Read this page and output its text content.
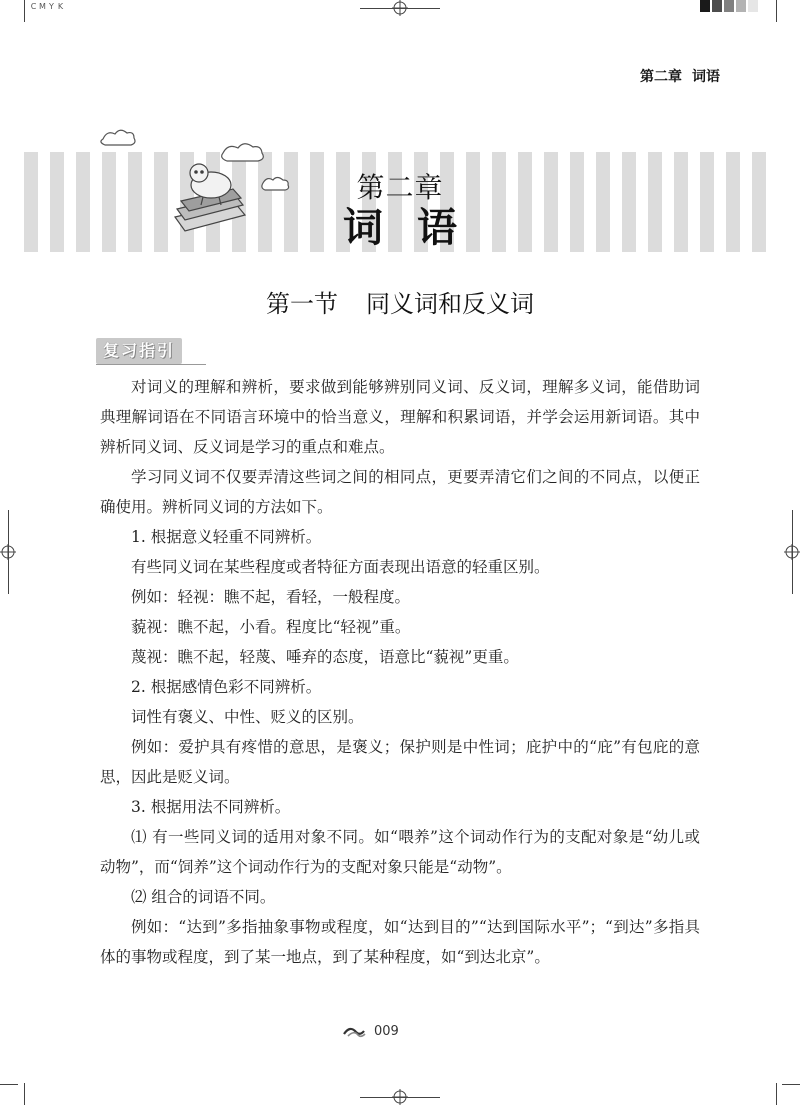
CMY K
第二章 词语
第二章
词语
第一节 同义词和反义词
复习指引

对词义的理解和辨析，要求做到能够辨别同义词、反义词，理解多义词，能借助词典理解词语在不同语言环境中的恰当意义，理解和积累词语，并学会运用新词语。其中辨析同义词、反义词是学习的重点和难点。

学习同义词不仅要弄清这些词之间的相同点，更要弄清它们之间的不同点，以便正确使用。辨析同义词的方法如下。

1. 根据意义轻重不同辨析。

有些同义词在某些程度或者特征方面表现出语意的轻重区别。

例如：轻视：瞧不起，看轻，一般程度。

藐视：瞧不起，小看。程度比“轻视”重。

蔑视：瞧不起，轻蔑、唾弃的态度，语意比“藐视”更重。

2. 根据感情色彩不同辨析。

词性有褒义、中性、贬义的区别。

例如：爱护具有疼惜的意思，是褒义；保护则是中性词；庇护中的“庇”有包庇的意思，因此是贬义词。

3. 根据用法不同辨析。

⑴ 有一些同义词的适用对象不同。如“喂养”这个词动作行为的支配对象是“幼儿或动物”，而“饲养”这个词动作行为的支配对象只能是“动物”。

⑵ 组合的词语不同。

例如：“达到”多指抽象事物或程度，如“达到目的”“达到国际水平”；“到达”多指具体的事物或程度，到了某一地点，到了某种程度，如“到达北京”。

009
